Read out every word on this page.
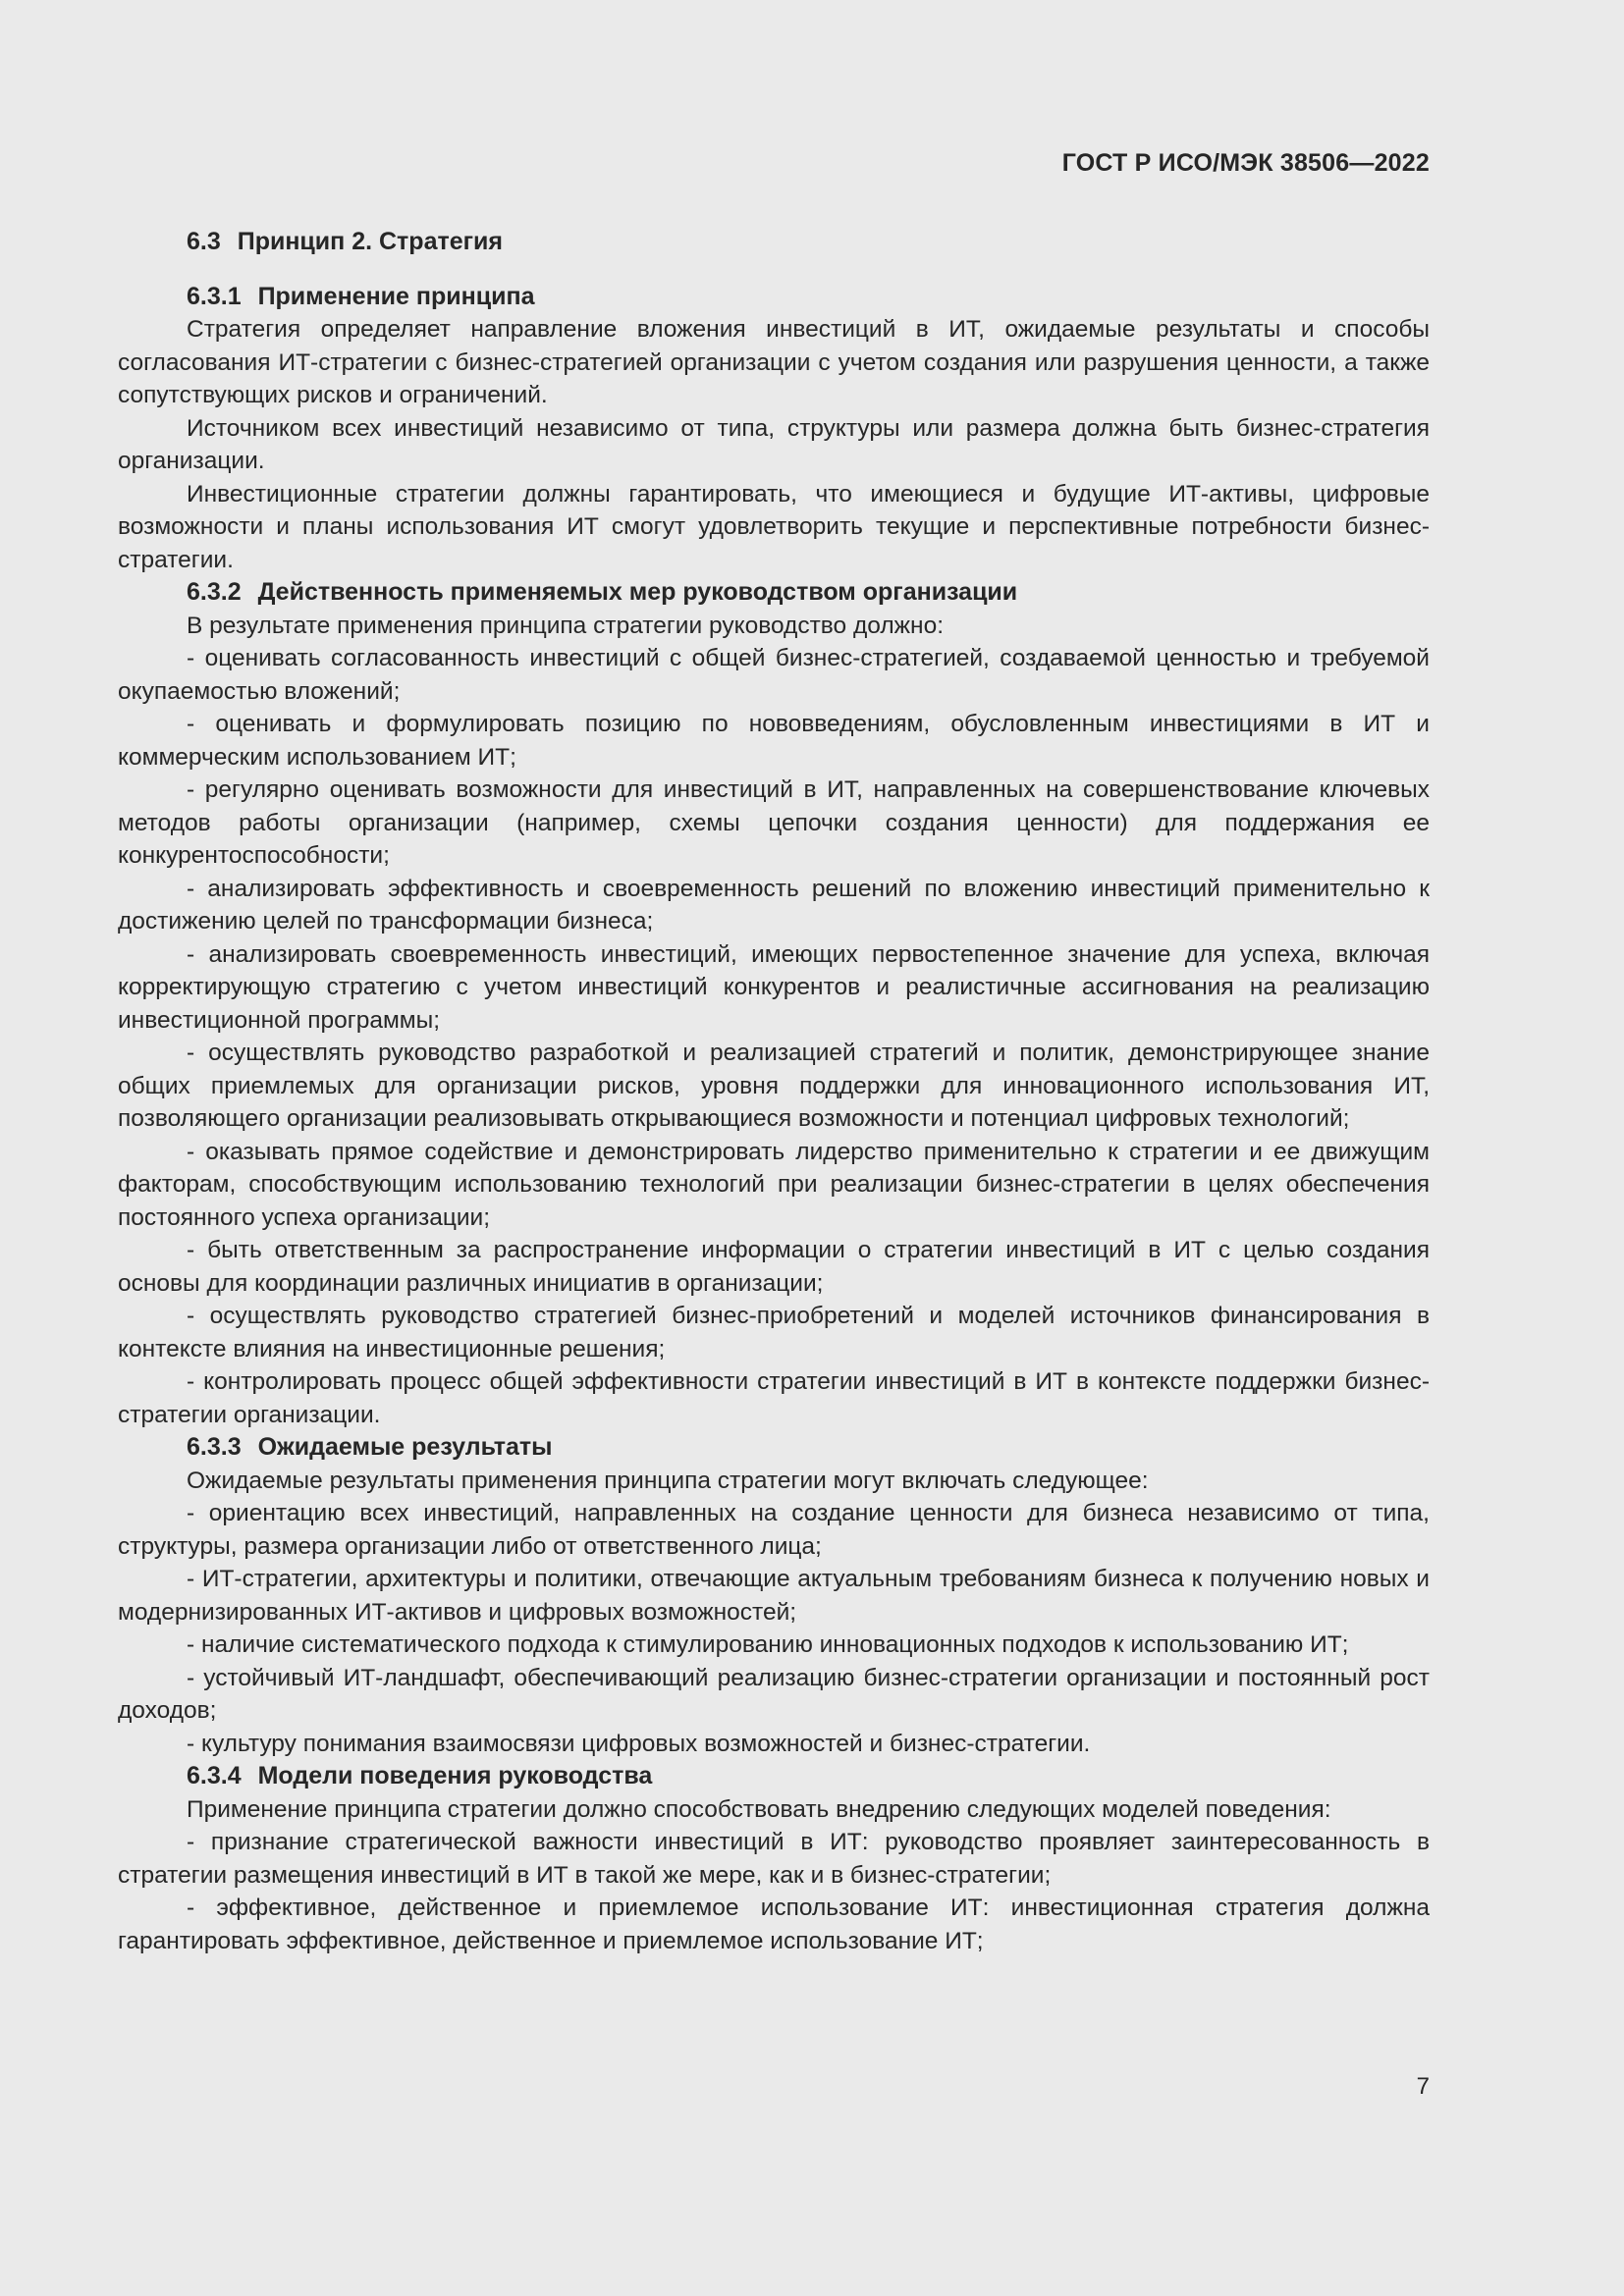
ГОСТ Р ИСО/МЭК 38506—2022
6.3 Принцип 2. Стратегия
6.3.1 Применение принципа

Стратегия определяет направление вложения инвестиций в ИТ, ожидаемые результаты и способы согласования ИТ-стратегии с бизнес-стратегией организации с учетом создания или разрушения ценности, а также сопутствующих рисков и ограничений.

Источником всех инвестиций независимо от типа, структуры или размера должна быть бизнес-стратегия организации.

Инвестиционные стратегии должны гарантировать, что имеющиеся и будущие ИТ-активы, цифровые возможности и планы использования ИТ смогут удовлетворить текущие и перспективные потребности бизнес-стратегии.

6.3.2 Действенность применяемых мер руководством организации

В результате применения принципа стратегии руководство должно:

- оценивать согласованность инвестиций с общей бизнес-стратегией, создаваемой ценностью и требуемой окупаемостью вложений;

- оценивать и формулировать позицию по нововведениям, обусловленным инвестициями в ИТ и коммерческим использованием ИТ;

- регулярно оценивать возможности для инвестиций в ИТ, направленных на совершенствование ключевых методов работы организации (например, схемы цепочки создания ценности) для поддержания ее конкурентоспособности;

- анализировать эффективность и своевременность решений по вложению инвестиций применительно к достижению целей по трансформации бизнеса;

- анализировать своевременность инвестиций, имеющих первостепенное значение для успеха, включая корректирующую стратегию с учетом инвестиций конкурентов и реалистичные ассигнования на реализацию инвестиционной программы;

- осуществлять руководство разработкой и реализацией стратегий и политик, демонстрирующее знание общих приемлемых для организации рисков, уровня поддержки для инновационного использования ИТ, позволяющего организации реализовывать открывающиеся возможности и потенциал цифровых технологий;

- оказывать прямое содействие и демонстрировать лидерство применительно к стратегии и ее движущим факторам, способствующим использованию технологий при реализации бизнес-стратегии в целях обеспечения постоянного успеха организации;

- быть ответственным за распространение информации о стратегии инвестиций в ИТ с целью создания основы для координации различных инициатив в организации;

- осуществлять руководство стратегией бизнес-приобретений и моделей источников финансирования в контексте влияния на инвестиционные решения;

- контролировать процесс общей эффективности стратегии инвестиций в ИТ в контексте поддержки бизнес-стратегии организации.

6.3.3 Ожидаемые результаты

Ожидаемые результаты применения принципа стратегии могут включать следующее:

- ориентацию всех инвестиций, направленных на создание ценности для бизнеса независимо от типа, структуры, размера организации либо от ответственного лица;

- ИТ-стратегии, архитектуры и политики, отвечающие актуальным требованиям бизнеса к получению новых и модернизированных ИТ-активов и цифровых возможностей;

- наличие систематического подхода к стимулированию инновационных подходов к использованию ИТ;

- устойчивый ИТ-ландшафт, обеспечивающий реализацию бизнес-стратегии организации и постоянный рост доходов;

- культуру понимания взаимосвязи цифровых возможностей и бизнес-стратегии.

6.3.4 Модели поведения руководства

Применение принципа стратегии должно способствовать внедрению следующих моделей поведения:

- признание стратегической важности инвестиций в ИТ: руководство проявляет заинтересованность в стратегии размещения инвестиций в ИТ в такой же мере, как и в бизнес-стратегии;

- эффективное, действенное и приемлемое использование ИТ: инвестиционная стратегия должна гарантировать эффективное, действенное и приемлемое использование ИТ;

7
